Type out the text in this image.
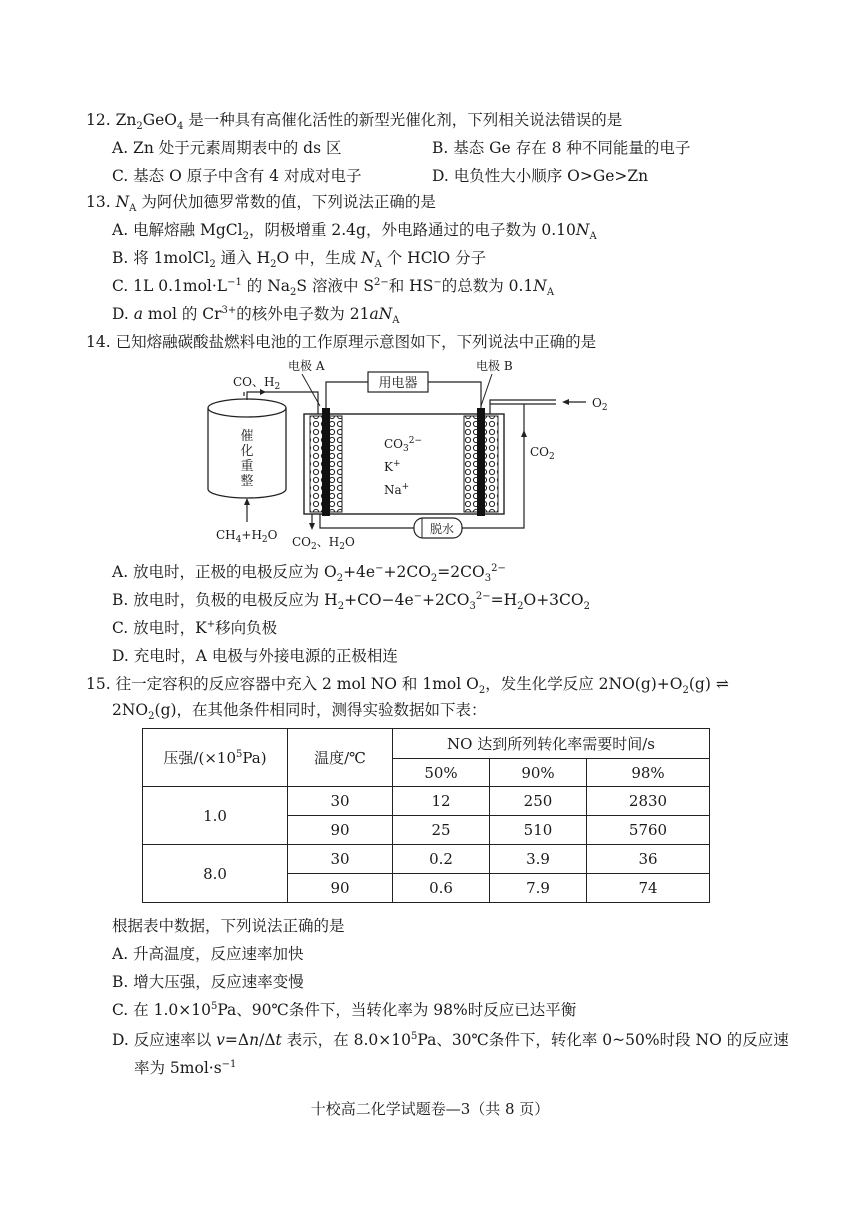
12. $Zn_2GeO_4$ 是一种具有高催化活性的新型光催化剂，下列相关说法错误的是
A. Zn 处于元素周期表中的 ds 区	B. 基态 Ge 存在 8 种不同能量的电子
C. 基态 O 原子中含有 4 对成对电子	D. 电负性大小顺序 O>Ge>Zn
13. $N_A$ 为阿伏加德罗常数的值，下列说法正确的是
A. 电解熔融 MgCl$_2$，阴极增重 2.4g，外电路通过的电子数为 $0.10N_A$
B. 将 1molCl$_2$ 通入 $H_2O$ 中，生成 $N_A$ 个 HClO 分子
C. 1L $0.1mol\cdot L^{-1}$ 的 $Na_2S$ 溶液中 $S^{2-}$和 HS−的总数为 $0.1N_A$
D. a mol 的 $Cr^{3+}$的核外电子数为 $21aN_A$
14. 已知熔融碳酸盐燃料电池的工作原理示意图如下，下列说法中正确的是
催
化
重
整
$CH_4+H_2O$
CO、$H_2$
电极 A	电极 B
用电器
$CO_3^{2-}$
K+
Na+
$O_2$
$CO_2$
脱水
$CO_2$、$H_2O$
A. 放电时，正极的电极反应为 $O_2+4e^-+2CO_2=2CO_3^{2-}$
B. 放电时，负极的电极反应为 $H_2+CO-4e^-+2CO_3^{2-}=H_2O+3CO_2$
C. 放电时，K+移向负极
D. 充电时，A 电极与外接电源的正极相连
15. 往一定容积的反应容器中充入 2 mol NO 和 1mol $O_2$，发生化学反应 $2NO(g)+O_2(g)$ ⇌
$2NO_2(g)$，在其他条件相同时，测得实验数据如下表：
压强$/(\times 10^5Pa)$	温度/℃	NO 达到所列转化率需要时间/s		
		50%	90%	98%
1.0	30	12	250	2830
	90	25	510	5760
8.0	30	0.2	3.9	36
	90	0.6	7.9	74
根据表中数据，下列说法正确的是
A. 升高温度，反应速率加快
B. 增大压强，反应速率变慢
C. 在 $1.0\times 10^5Pa$、90℃条件下，当转化率为 98%时反应已达平衡
D. 反应速率以 v=Δn/Δt 表示，在 $8.0\times 10^5Pa$、30℃条件下，转化率 0~50%时段 NO 的反应速
率为 $5mol\cdot s^{-1}$
十校高二化学试题卷—3（共 8 页）
